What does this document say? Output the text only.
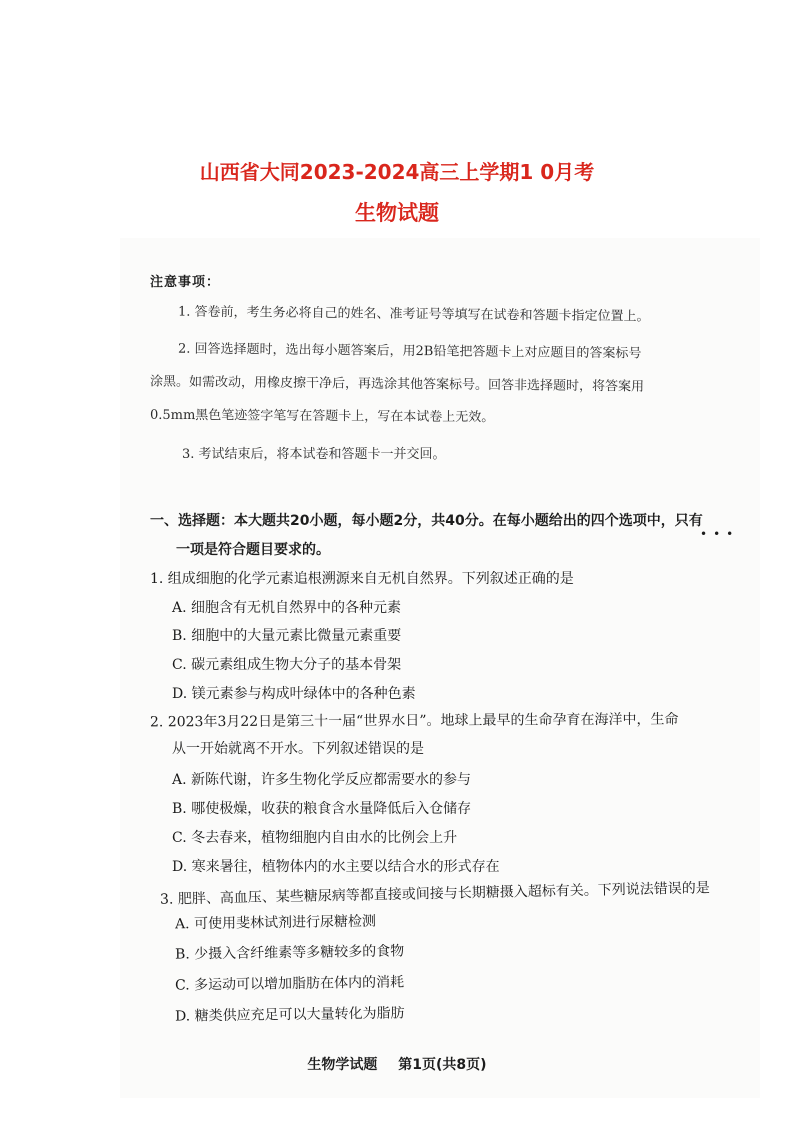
山西省大同2023-2024高三上学期1 0月考
生物试题
注意事项：
1. 答卷前，考生务必将自己的姓名、准考证号等填写在试卷和答题卡指定位置上。
2. 回答选择题时，选出每小题答案后，用2B铅笔把答题卡上对应题目的答案标号
涂黑。如需改动，用橡皮擦干净后，再选涂其他答案标号。回答非选择题时，将答案用
0.5mm黑色笔迹签字笔写在答题卡上，写在本试卷上无效。
3. 考试结束后，将本试卷和答题卡一并交回。
一、选择题：本大题共20小题，每小题2分，共40分。在每小题给出的四个选项中，只有
一项是符合题目要求的。
•••
1. 组成细胞的化学元素追根溯源来自无机自然界。下列叙述正确的是
A. 细胞含有无机自然界中的各种元素
B. 细胞中的大量元素比微量元素重要
C. 碳元素组成生物大分子的基本骨架
D. 镁元素参与构成叶绿体中的各种色素
2. 2023年3月22日是第三十一届“世界水日”。地球上最早的生命孕育在海洋中，生命
从一开始就离不开水。下列叙述错误的是
A. 新陈代谢，许多生物化学反应都需要水的参与
B. 哪使极燥，收获的粮食含水量降低后入仓储存
C. 冬去春来，植物细胞内自由水的比例会上升
D. 寒来暑往，植物体内的水主要以结合水的形式存在
3. 肥胖、高血压、某些糖尿病等都直接或间接与长期糖摄入超标有关。下列说法错误的是
A. 可使用斐林试剂进行尿糖检测
B. 少摄入含纤维素等多糖较多的食物
C. 多运动可以增加脂肪在体内的消耗
D. 糖类供应充足可以大量转化为脂肪
生物学试题 第1页(共8页)
